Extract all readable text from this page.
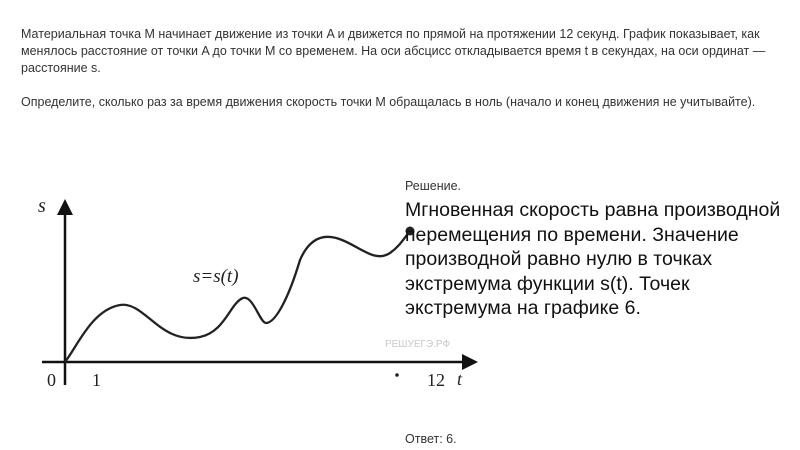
Материальная точка M начинает движение из точки A и движется по прямой на протяжении 12 секунд. График показывает, как менялось расстояние от точки A до точки M со временем. На оси абсцисс откладывается время t в секундах, на оси ординат — расстояние s.

Определите, сколько раз за время движения скорость точки M обращалась в ноль (начало и конец движения не учитывайте).

s
t
s=s(t)
0 1	12
РЕШУЕГЭ.РФ
Решение.
Мгновенная скорость равна производной перемещения по времени. Значение производной равно нулю в точках экстремума функции s(t). Точек экстремума на графике 6.
Ответ: 6.
